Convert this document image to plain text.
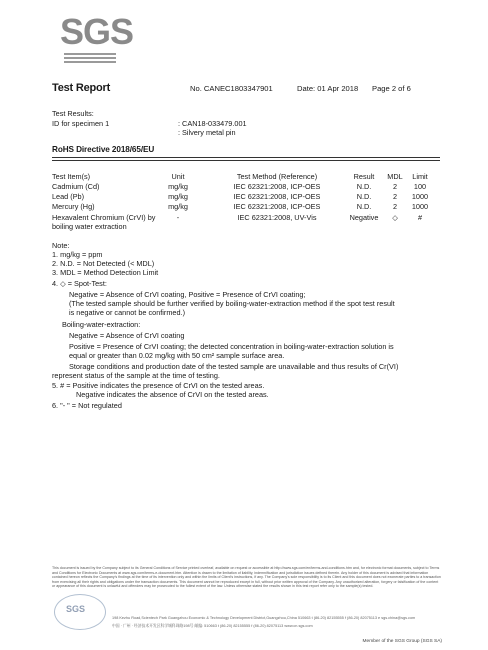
SGS
Test Report	No. CANEC1803347901	Date: 01 Apr 2018 Page 2 of 6
Test Results:
ID for specimen 1	: CAN18-033479.001
: Silvery metal pin
RoHS Directive 2018/65/EU
Test Item(s)	Unit	Test Method (Reference)	Result	MDL	Limit
Cadmium (Cd)	mg/kg	IEC 62321:2008, ICP-OES	N.D.	2	100
Lead (Pb)	mg/kg	IEC 62321:2008, ICP-OES	N.D.	2	1000
Mercury (Hg)	mg/kg	IEC 62321:2008, ICP-OES	N.D.	2	1000
Hexavalent Chromium (CrVI) by
boiling water extraction
-	IEC 62321:2008, UV-Vis	Negative	◇	#
Note:
1. mg/kg = ppm
2. N.D. = Not Detected (< MDL)
3. MDL = Method Detection Limit
4. ◇ = Spot-Test:
Negative = Absence of CrVI coating, Positive = Presence of CrVI coating;
(The tested sample should be further verified by boiling-water-extraction method if the spot test result
is negative or cannot be confirmed.)
Boiling-water-extraction:
Negative = Absence of CrVI coating
Positive = Presence of CrVI coating; the detected concentration in boiling-water-extraction solution is
equal or greater than 0.02 mg/kg with 50 cm² sample surface area.
Storage conditions and production date of the tested sample are unavailable and thus results of Cr(VI)
represent status of the sample at the time of testing.
5. # = Positive indicates the presence of CrVI on the tested areas.
Negative indicates the absence of CrVI on the tested areas.
6. "- " = Not regulated
This document is issued by the Company subject to its General Conditions of Service printed overleaf, available on request or accessible at http://www.sgs.com/en/terms-and-conditions.htm and, for electronic format documents, subject to Terms and Conditions for Electronic Documents at www.sgs.com/terms-e-document.htm. Attention is drawn to the limitation of liability, indemnification and jurisdiction issues defined therein. Any holder of this document is advised that information contained hereon reflects the Company's findings at the time of its intervention only and within the limits of Client's instructions, if any. The Company's sole responsibility is to its Client and this document does not exonerate parties to a transaction from exercising all their rights and obligations under the transaction documents. This document cannot be reproduced except in full, without prior written approval of the Company. Any unauthorized alteration, forgery or falsification of the content or appearance of this document is unlawful and offenders may be prosecuted to the fullest extent of the law. Unless otherwise stated the results shown in this test report refer only to the sample(s) tested.
SGS
198 Kezhu Road,Scientech Park Guangzhou Economic & Technology Development District,Guangzhou,China 510663 t (86-20) 82155555 f (86-20) 82075113 e sgs.china@sgs.com
中国 · 广州 · 经济技术开发区科学城科珠路198号 邮编: 510663 t (86-20) 82155555 f (86-20) 82075113 www.cn.sgs.com
Member of the SGS Group (SGS SA)
